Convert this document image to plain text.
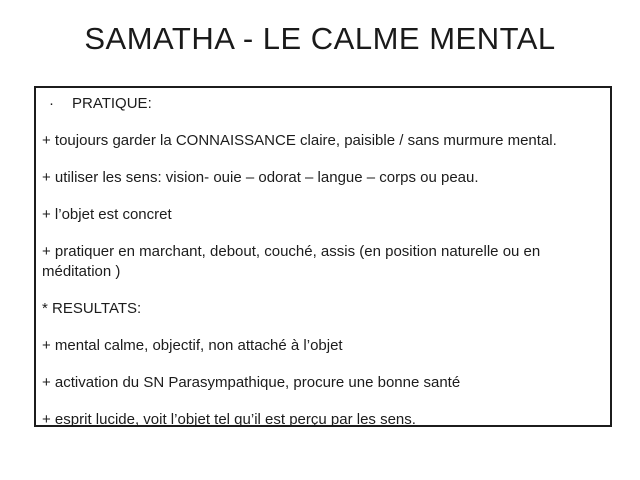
SAMATHA - LE CALME MENTAL
· PRATIQUE:

+ toujours garder la CONNAISSANCE claire, paisible / sans murmure mental.

+ utiliser les sens: vision- ouie – odorat – langue – corps ou peau.

+ l’objet est concret

+ pratiquer en marchant, debout, couché, assis (en position naturelle ou en méditation )

* RESULTATS:

+ mental calme, objectif, non attaché à l’objet

+ activation du SN Parasympathique, procure une bonne santé

+ esprit lucide, voit l’objet tel qu’il est perçu par les sens.
